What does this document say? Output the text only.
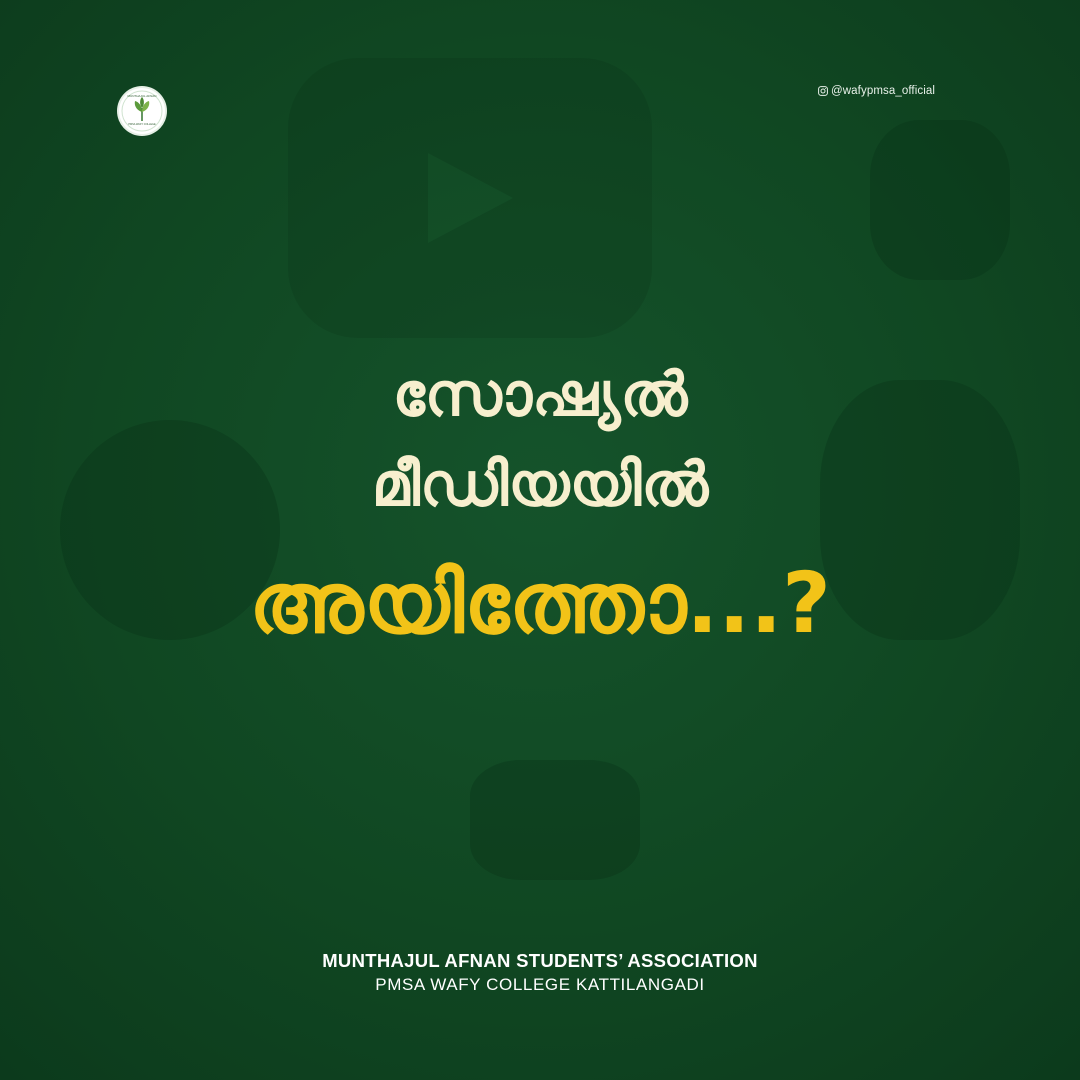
MUNTHAJUL AFNAN
PMSA WAFY COLLEGE
@wafypmsa_official
സോഷ്യൽ
മീഡിയയിൽ
അയിത്തോ...?
MUNTHAJUL AFNAN STUDENTS’ ASSOCIATION
PMSA WAFY COLLEGE KATTILANGADI
